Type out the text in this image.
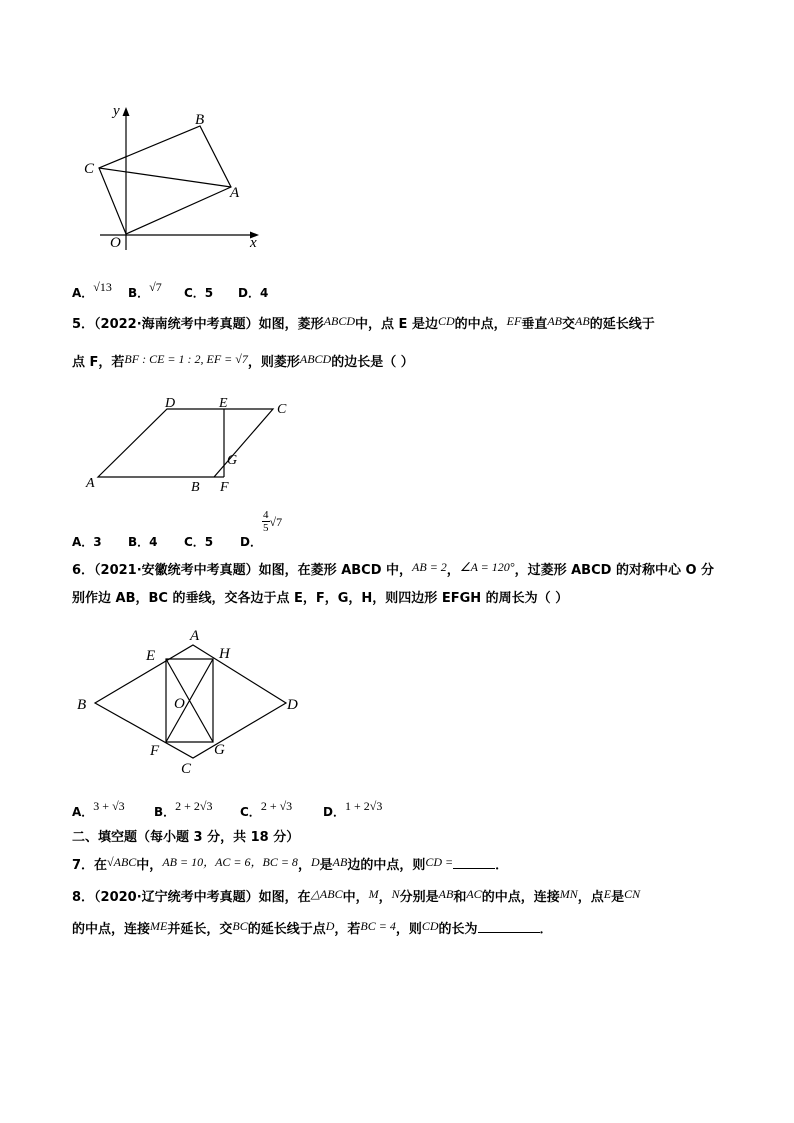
y
x
B
C
A
O
A．√13 B．√7 C．5 D．4
5．（2022·海南统考中考真题）如图，菱形ABCD中，点 E 是边CD的中点，EF垂直AB交AB的延长线于
点 F，若BF : CE = 1 : 2, EF = √7，则菱形ABCD的边长是（ ）
D	E	C
G
A	B F
A．3 B．4 C．5 D．
$\frac{4}{5} √7$
6．（2021·安徽统考中考真题）如图，在菱形 ABCD 中，AB = 2，∠A = 120°，过菱形 ABCD 的对称中心 O 分
别作边 AB，BC 的垂线，交各边于点 E，F，G，H，则四边形 EFGH 的周长为（ ）
A
E	H
B	O	D
F	G
C
A．3 + √3 B．2 + 2√3 C．2 + √3	D．1 + 2√3
二、填空题（每小题 3 分，共 18 分）
7．在√ABC中，AB = 10，AC = 6，BC = 8，D是AB边的中点，则CD =	．
8．（2020·辽宁统考中考真题）如图，在△ABC中，M，N分别是AB和AC的中点，连接MN，点E是CN
的中点，连接ME并延长，交BC的延长线于点D，若BC = 4，则CD的长为	．
